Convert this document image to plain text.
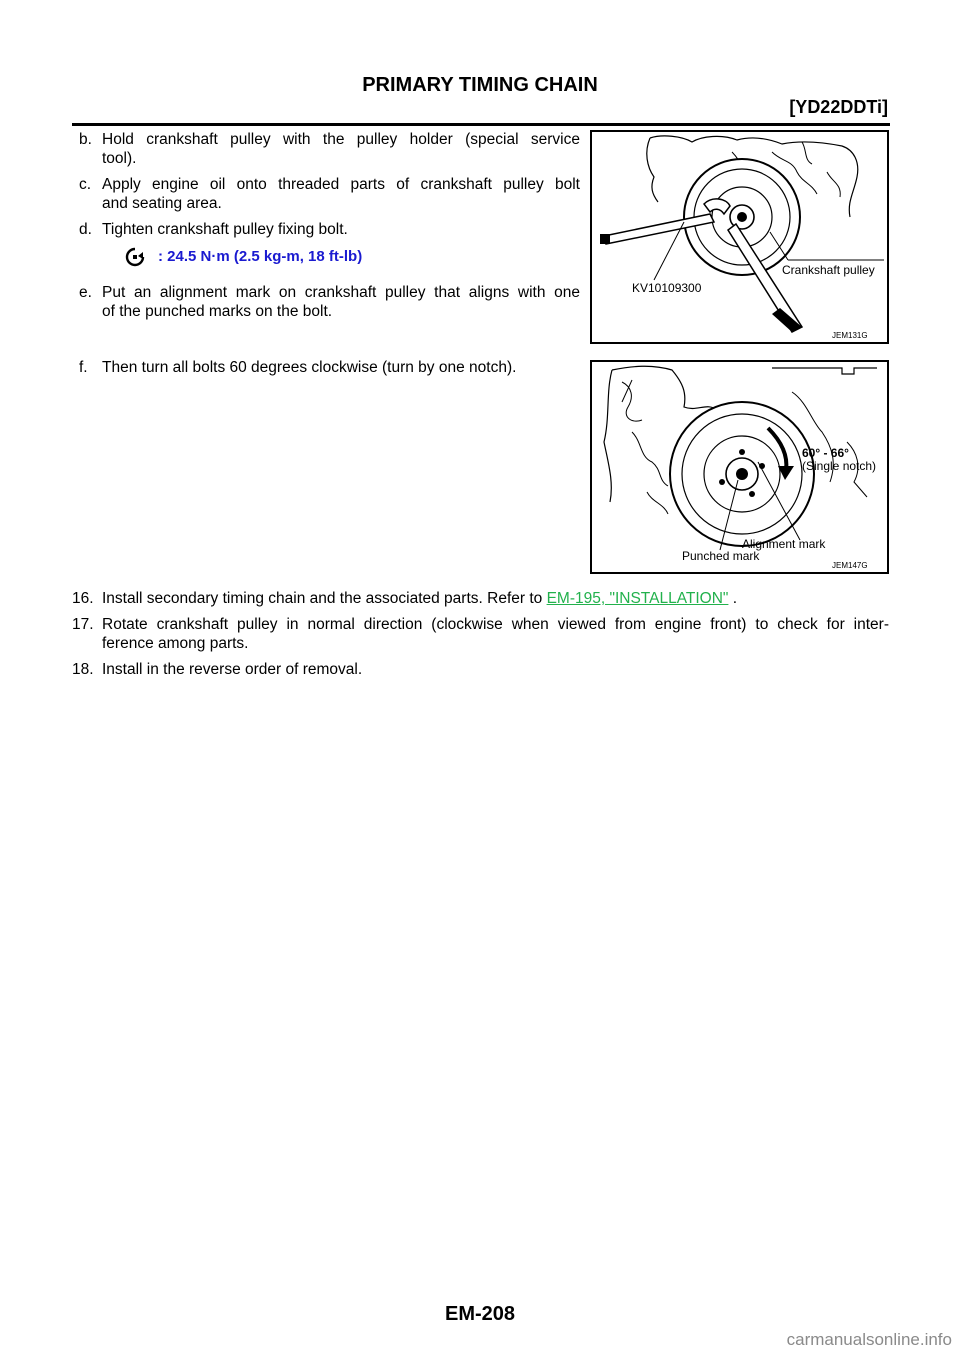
PRIMARY TIMING CHAIN
[YD22DDTi]
b. Hold crankshaft pulley with the pulley holder (special service
tool).
c. Apply engine oil onto threaded parts of crankshaft pulley bolt
and seating area.
d. Tighten crankshaft pulley fixing bolt.
: 24.5 N·m (2.5 kg-m, 18 ft-lb)
e. Put an alignment mark on crankshaft pulley that aligns with one
of the punched marks on the bolt.
f. Then turn all bolts 60 degrees clockwise (turn by one notch).
KV10109300
Crankshaft pulley
JEM131G
60° - 66°
(Single notch)
Alignment mark
Punched mark
JEM147G
16. Install secondary timing chain and the associated parts. Refer to EM-195, "INSTALLATION" .
17. Rotate crankshaft pulley in normal direction (clockwise when viewed from engine front) to check for inter-
ference among parts.
18. Install in the reverse order of removal.
EM-208
carmanualsonline.info
